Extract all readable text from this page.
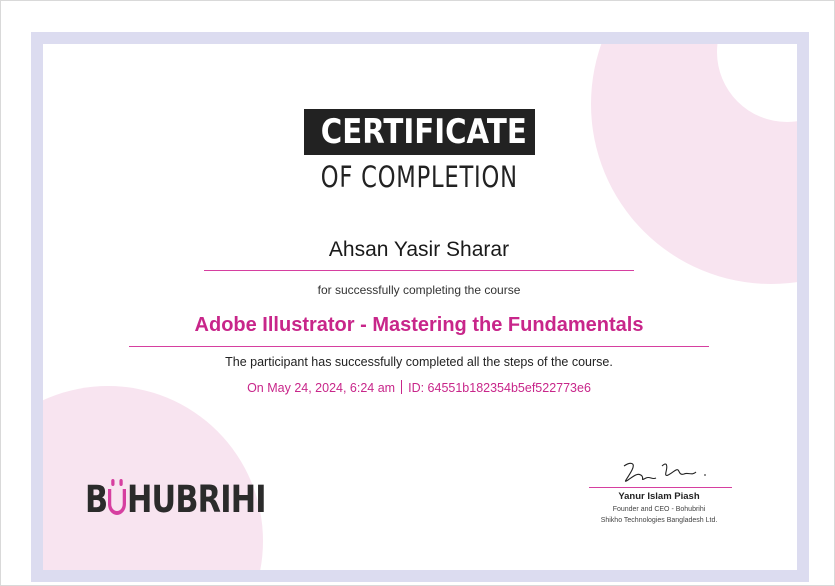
CERTIFICATE
OF COMPLETION
Ahsan Yasir Sharar
for successfully completing the course
Adobe Illustrator - Mastering the Fundamentals
The participant has successfully completed all the steps of the course.
On May 24, 2024, 6:24 am ID: 64551b182354b5ef522773e6
B HUBRIHI	Yanur Islam Piash
Founder and CEO - Bohubrihi
Shikho Technologies Bangladesh Ltd.
